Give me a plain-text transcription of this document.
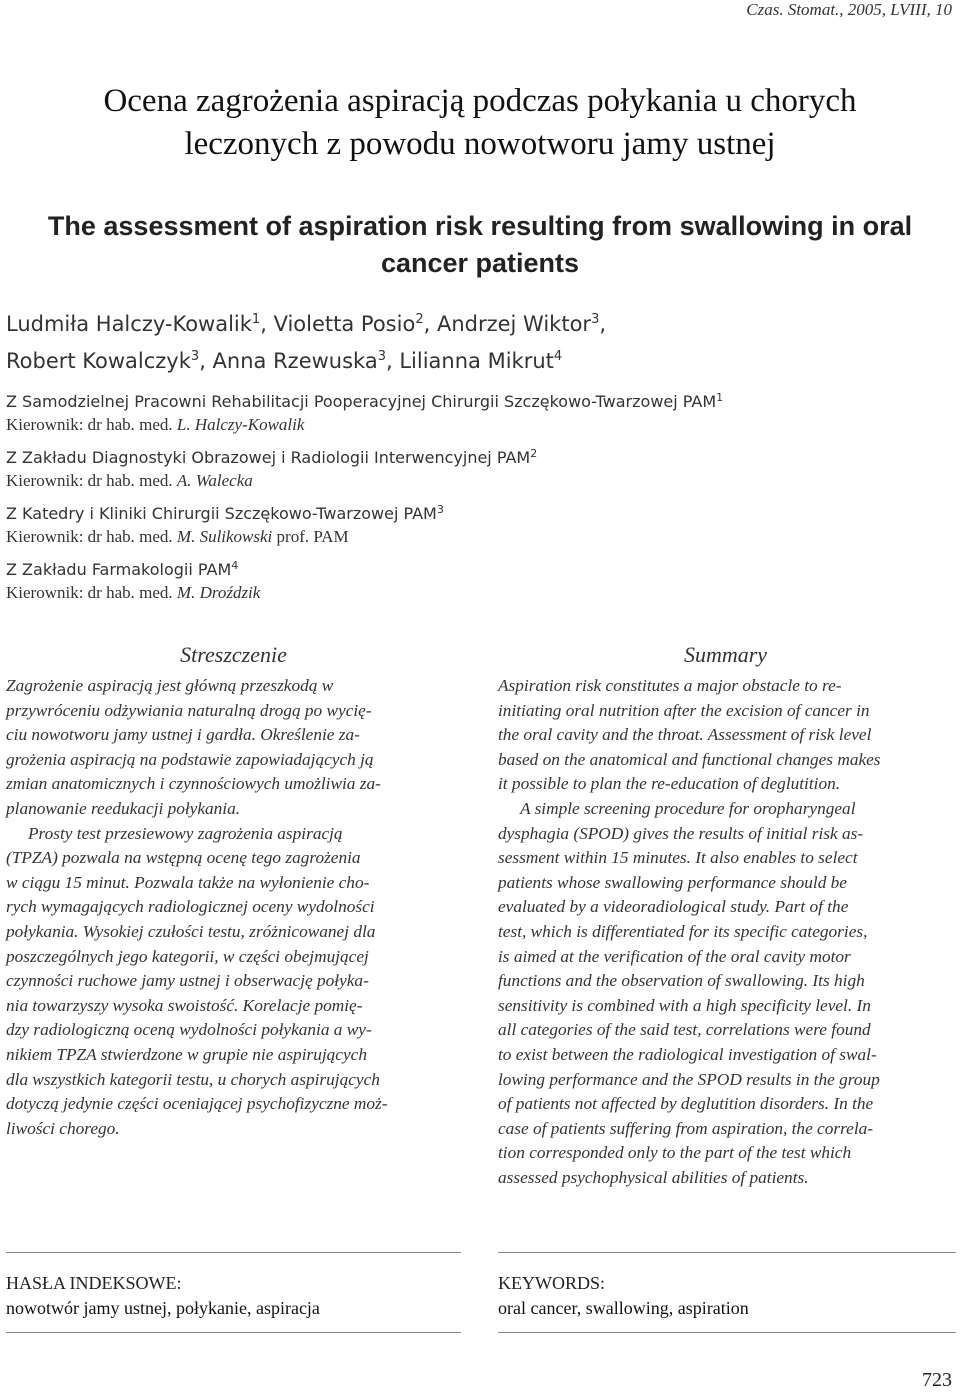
Czas. Stomat., 2005, LVIII, 10
Ocena zagrożenia aspiracją podczas połykania u chorych
leczonych z powodu nowotworu jamy ustnej
The assessment of aspiration risk resulting from swallowing in oral
cancer patients
Ludmiła Halczy-Kowalik$^1$, Violetta Posio$^2$, Andrzej Wiktor$^3$,
Robert Kowalczyk$^3$, Anna Rzewuska$^3$, Lilianna Mikrut$^4$
Z Samodzielnej Pracowni Rehabilitacji Pooperacyjnej Chirurgii Szczękowo-Twarzowej PAM$^1$
Kierownik: dr hab. med. L. Halczy-Kowalik
Z Zakładu Diagnostyki Obrazowej i Radiologii Interwencyjnej PAM$^2$
Kierownik: dr hab. med. A. Walecka
Z Katedry i Kliniki Chirurgii Szczękowo-Twarzowej PAM$^3$
Kierownik: dr hab. med. M. Sulikowski prof. PAM
Z Zakładu Farmakologii PAM$^4$
Kierownik: dr hab. med. M. Droździk
Streszczenie

Zagrożenie aspiracją jest główną przeszkodą w
przywróceniu odżywiania naturalną drogą po wycię-
ciu nowotworu jamy ustnej i gardła. Określenie za-
grożenia aspiracją na podstawie zapowiadających ją
zmian anatomicznych i czynnościowych umożliwia za-
planowanie reedukacji połykania.

Prosty test przesiewowy zagrożenia aspiracją
(TPZA) pozwala na wstępną ocenę tego zagrożenia
w ciągu 15 minut. Pozwala także na wyłonienie cho-
rych wymagających radiologicznej oceny wydolności
połykania. Wysokiej czułości testu, zróżnicowanej dla
poszczególnych jego kategorii, w części obejmującej
czynności ruchowe jamy ustnej i obserwację połyka-
nia towarzyszy wysoka swoistość. Korelacje pomię-
dzy radiologiczną oceną wydolności połykania a wy-
nikiem TPZA stwierdzone w grupie nie aspirujących
dla wszystkich kategorii testu, u chorych aspirujących
dotyczą jedynie części oceniającej psychofizyczne moż-
liwości chorego.

Summary

Aspiration risk constitutes a major obstacle to re-
initiating oral nutrition after the excision of cancer in
the oral cavity and the throat. Assessment of risk level
based on the anatomical and functional changes makes
it possible to plan the re-education of deglutition.

A simple screening procedure for oropharyngeal
dysphagia (SPOD) gives the results of initial risk as-
sessment within 15 minutes. It also enables to select
patients whose swallowing performance should be
evaluated by a videoradiological study. Part of the
test, which is differentiated for its specific categories,
is aimed at the verification of the oral cavity motor
functions and the observation of swallowing. Its high
sensitivity is combined with a high specificity level. In
all categories of the said test, correlations were found
to exist between the radiological investigation of swal-
lowing performance and the SPOD results in the group
of patients not affected by deglutition disorders. In the
case of patients suffering from aspiration, the correla-
tion corresponded only to the part of the test which
assessed psychophysical abilities of patients.

HASŁA INDEKSOWE:
nowotwór jamy ustnej, połykanie, aspiracja
KEYWORDS:
oral cancer, swallowing, aspiration
723
